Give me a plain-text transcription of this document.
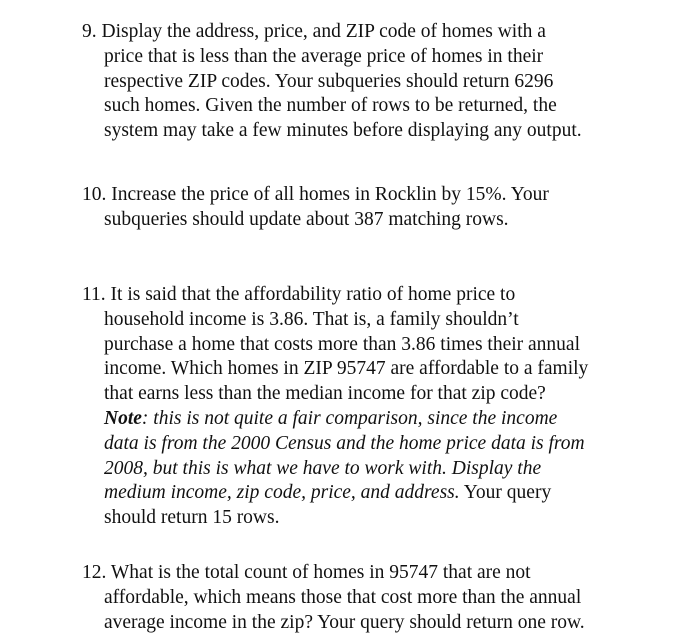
9. Display the address, price, and ZIP code of homes with a
price that is less than the average price of homes in their
respective ZIP codes. Your subqueries should return 6296
such homes. Given the number of rows to be returned, the
system may take a few minutes before displaying any output.
10. Increase the price of all homes in Rocklin by 15%. Your
subqueries should update about 387 matching rows.
11. It is said that the affordability ratio of home price to
household income is 3.86. That is, a family shouldn’t
purchase a home that costs more than 3.86 times their annual
income. Which homes in ZIP 95747 are affordable to a family
that earns less than the median income for that zip code?
Note: this is not quite a fair comparison, since the income
data is from the 2000 Census and the home price data is from
2008, but this is what we have to work with. Display the
medium income, zip code, price, and address. Your query
should return 15 rows.
12. What is the total count of homes in 95747 that are not
affordable, which means those that cost more than the annual
average income in the zip? Your query should return one row.
